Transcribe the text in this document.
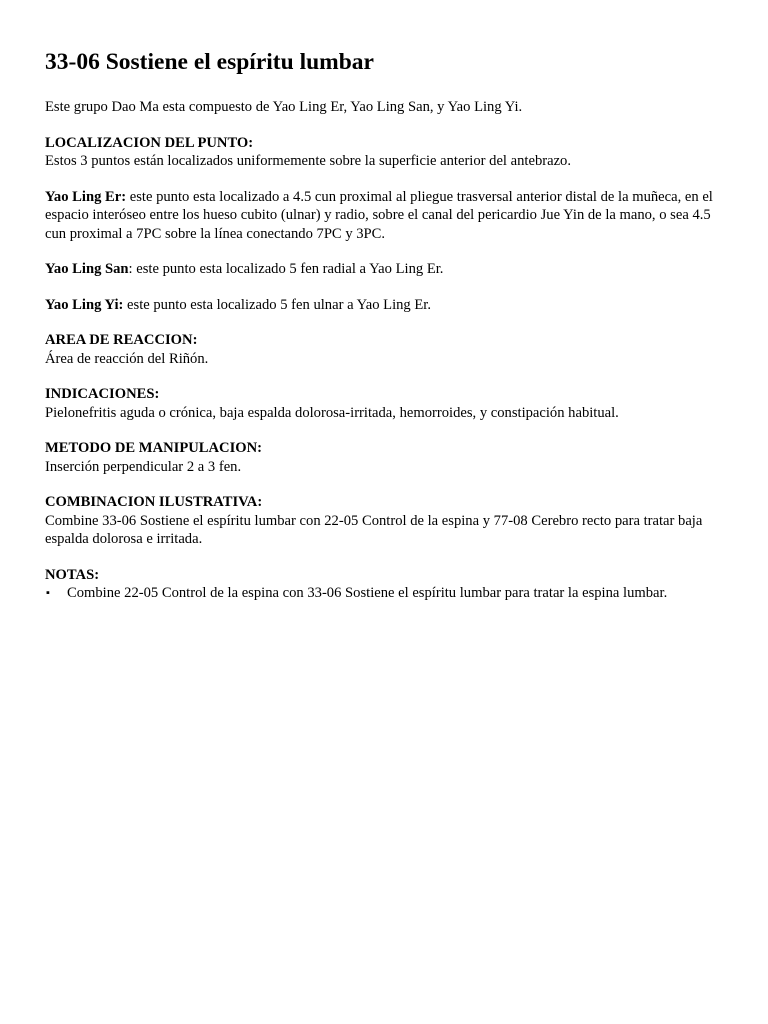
33-06 Sostiene el espíritu lumbar

Este grupo Dao Ma esta compuesto de Yao Ling Er, Yao Ling San, y Yao Ling Yi.

LOCALIZACION DEL PUNTO:

Estos 3 puntos están localizados uniformemente sobre la superficie anterior del antebrazo.

Yao Ling Er: este punto esta localizado a 4.5 cun proximal al pliegue trasversal anterior distal de la muñeca, en el espacio interóseo entre los hueso cubito (ulnar) y radio, sobre el canal del pericardio Jue Yin de la mano, o sea 4.5 cun proximal a 7PC sobre la línea conectando 7PC y 3PC.

Yao Ling San: este punto esta localizado 5 fen radial a Yao Ling Er.

Yao Ling Yi: este punto esta localizado 5 fen ulnar a Yao Ling Er.

AREA DE REACCION:

Área de reacción del Riñón.

INDICACIONES:

Pielonefritis aguda o crónica, baja espalda dolorosa-irritada, hemorroides, y constipación habitual.

METODO DE MANIPULACION:

Inserción perpendicular 2 a 3 fen.

COMBINACION ILUSTRATIVA:

Combine 33-06 Sostiene el espíritu lumbar con 22-05 Control de la espina y 77-08 Cerebro recto para tratar baja espalda dolorosa e irritada.

NOTAS:

▪ Combine 22-05 Control de la espina con 33-06 Sostiene el espíritu lumbar para tratar la espina lumbar.
